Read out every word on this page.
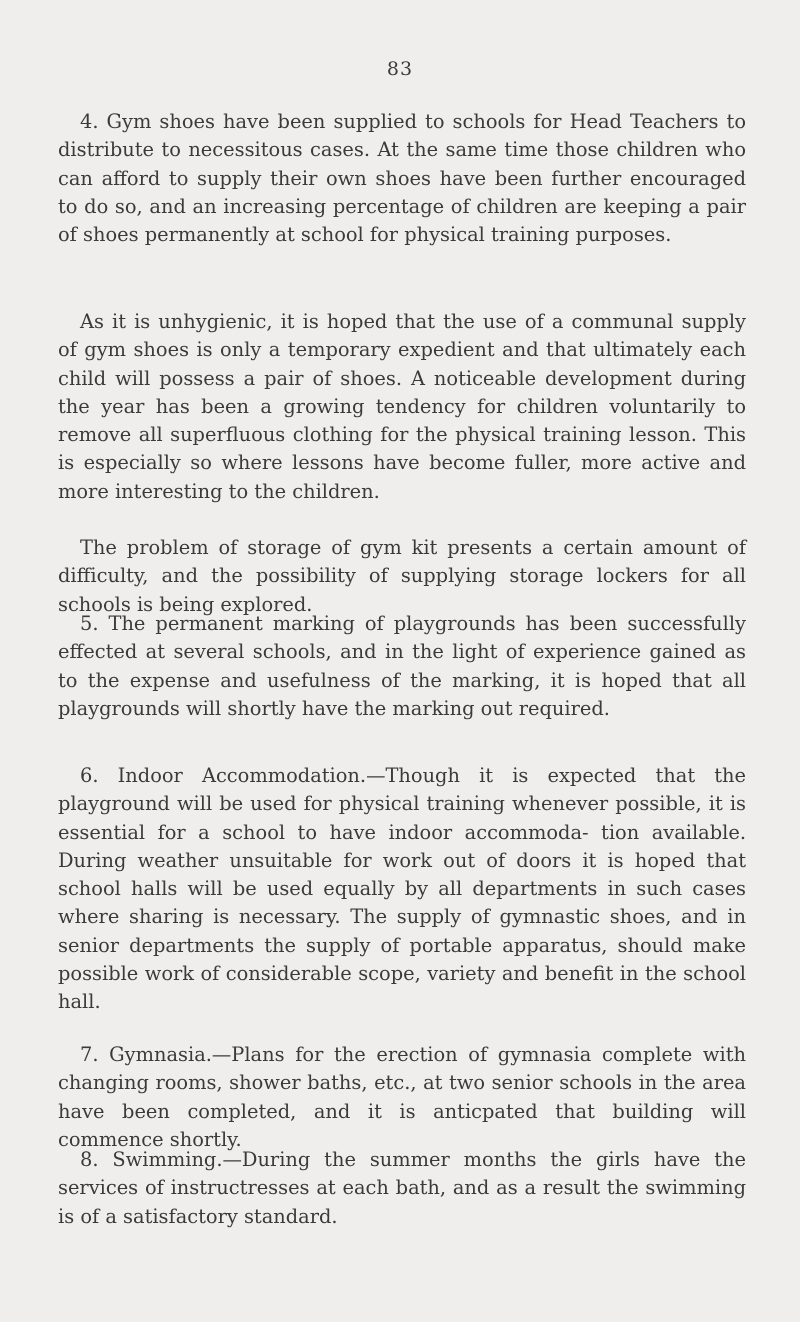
83

4. Gym shoes have been supplied to schools for Head Teachers to distribute to necessitous cases. At the same time those children who can afford to supply their own shoes have been further encouraged to do so, and an increasing percentage of children are keeping a pair of shoes permanently at school for physical training purposes.

As it is unhygienic, it is hoped that the use of a communal supply of gym shoes is only a temporary expedient and that ultimately each child will possess a pair of shoes. A noticeable development during the year has been a growing tendency for children voluntarily to remove all superfluous clothing for the physical training lesson. This is especially so where lessons have become fuller, more active and more interesting to the children.

The problem of storage of gym kit presents a certain amount of difficulty, and the possibility of supplying storage lockers for all schools is being explored.

5. The permanent marking of playgrounds has been successfully effected at several schools, and in the light of experience gained as to the expense and usefulness of the marking, it is hoped that all playgrounds will shortly have the marking out required.

6. Indoor Accommodation.—Though it is expected that the playground will be used for physical training whenever possible, it is essential for a school to have indoor accommoda- tion available. During weather unsuitable for work out of doors it is hoped that school halls will be used equally by all departments in such cases where sharing is necessary. The supply of gymnastic shoes, and in senior departments the supply of portable apparatus, should make possible work of considerable scope, variety and benefit in the school hall.

7. Gymnasia.—Plans for the erection of gymnasia complete with changing rooms, shower baths, etc., at two senior schools in the area have been completed, and it is anticpated that building will commence shortly.

8. Swimming.—During the summer months the girls have the services of instructresses at each bath, and as a result the swimming is of a satisfactory standard.
